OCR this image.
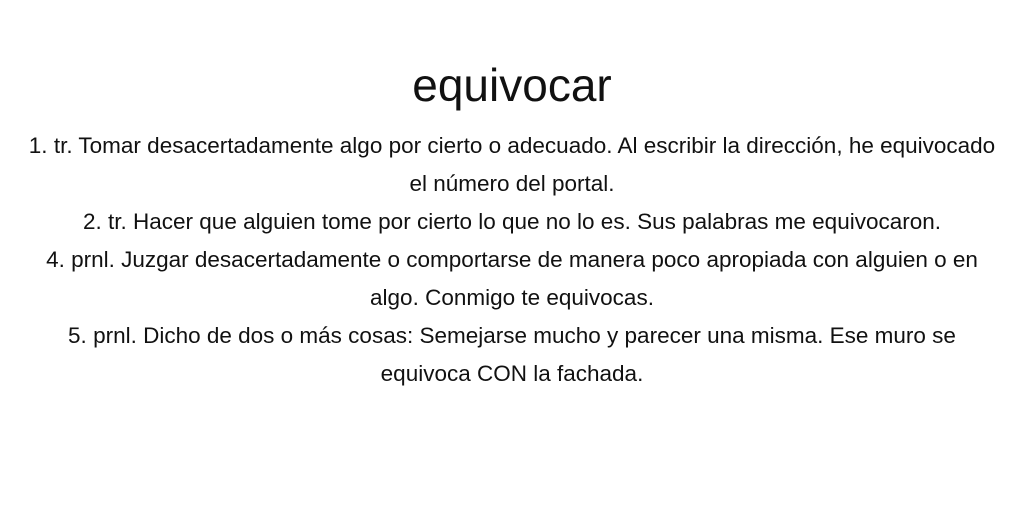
equivocar
1. tr. Tomar desacertadamente algo por cierto o adecuado. Al escribir la dirección, he equivocado el número del portal.
2. tr. Hacer que alguien tome por cierto lo que no lo es. Sus palabras me equivocaron.
4. prnl. Juzgar desacertadamente o comportarse de manera poco apropiada con alguien o en algo. Conmigo te equivocas.
5. prnl. Dicho de dos o más cosas: Semejarse mucho y parecer una misma. Ese muro se equivoca CON la fachada.
